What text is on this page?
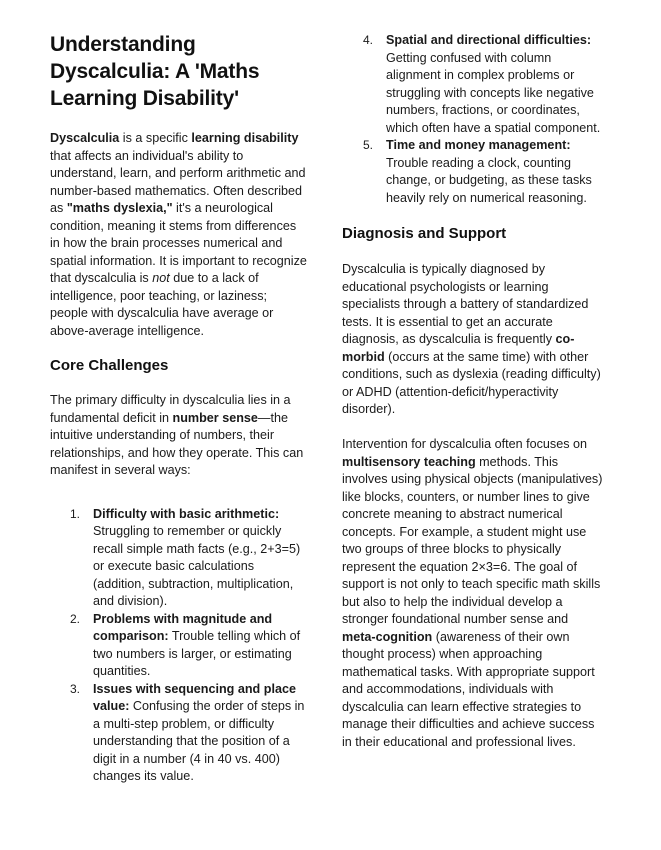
Understanding Dyscalculia: A 'Maths Learning Disability'

Dyscalculia is a specific learning disability that affects an individual's ability to understand, learn, and perform arithmetic and number-based mathematics. Often described as "maths dyslexia," it's a neurological condition, meaning it stems from differences in how the brain processes numerical and spatial information. It is important to recognize that dyscalculia is not due to a lack of intelligence, poor teaching, or laziness; people with dyscalculia have average or above-average intelligence.

Core Challenges

The primary difficulty in dyscalculia lies in a fundamental deficit in number sense—the intuitive understanding of numbers, their relationships, and how they operate. This can manifest in several ways:

1. Difficulty with basic arithmetic: Struggling to remember or quickly recall simple math facts (e.g., 2+3=5) or execute basic calculations (addition, subtraction, multiplication, and division).
2. Problems with magnitude and comparison: Trouble telling which of two numbers is larger, or estimating quantities.
3. Issues with sequencing and place value: Confusing the order of steps in a multi-step problem, or difficulty understanding that the position of a digit in a number (4 in 40 vs. 400) changes its value.
4. Spatial and directional difficulties: Getting confused with column alignment in complex problems or struggling with concepts like negative numbers, fractions, or coordinates, which often have a spatial component.
5. Time and money management: Trouble reading a clock, counting change, or budgeting, as these tasks heavily rely on numerical reasoning.
Diagnosis and Support

Dyscalculia is typically diagnosed by educational psychologists or learning specialists through a battery of standardized tests. It is essential to get an accurate diagnosis, as dyscalculia is frequently co-morbid (occurs at the same time) with other conditions, such as dyslexia (reading difficulty) or ADHD (attention-deficit/hyperactivity disorder).

Intervention for dyscalculia often focuses on multisensory teaching methods. This involves using physical objects (manipulatives) like blocks, counters, or number lines to give concrete meaning to abstract numerical concepts. For example, a student might use two groups of three blocks to physically represent the equation 2×3=6. The goal of support is not only to teach specific math skills but also to help the individual develop a stronger foundational number sense and meta-cognition (awareness of their own thought process) when approaching mathematical tasks. With appropriate support and accommodations, individuals with dyscalculia can learn effective strategies to manage their difficulties and achieve success in their educational and professional lives.
